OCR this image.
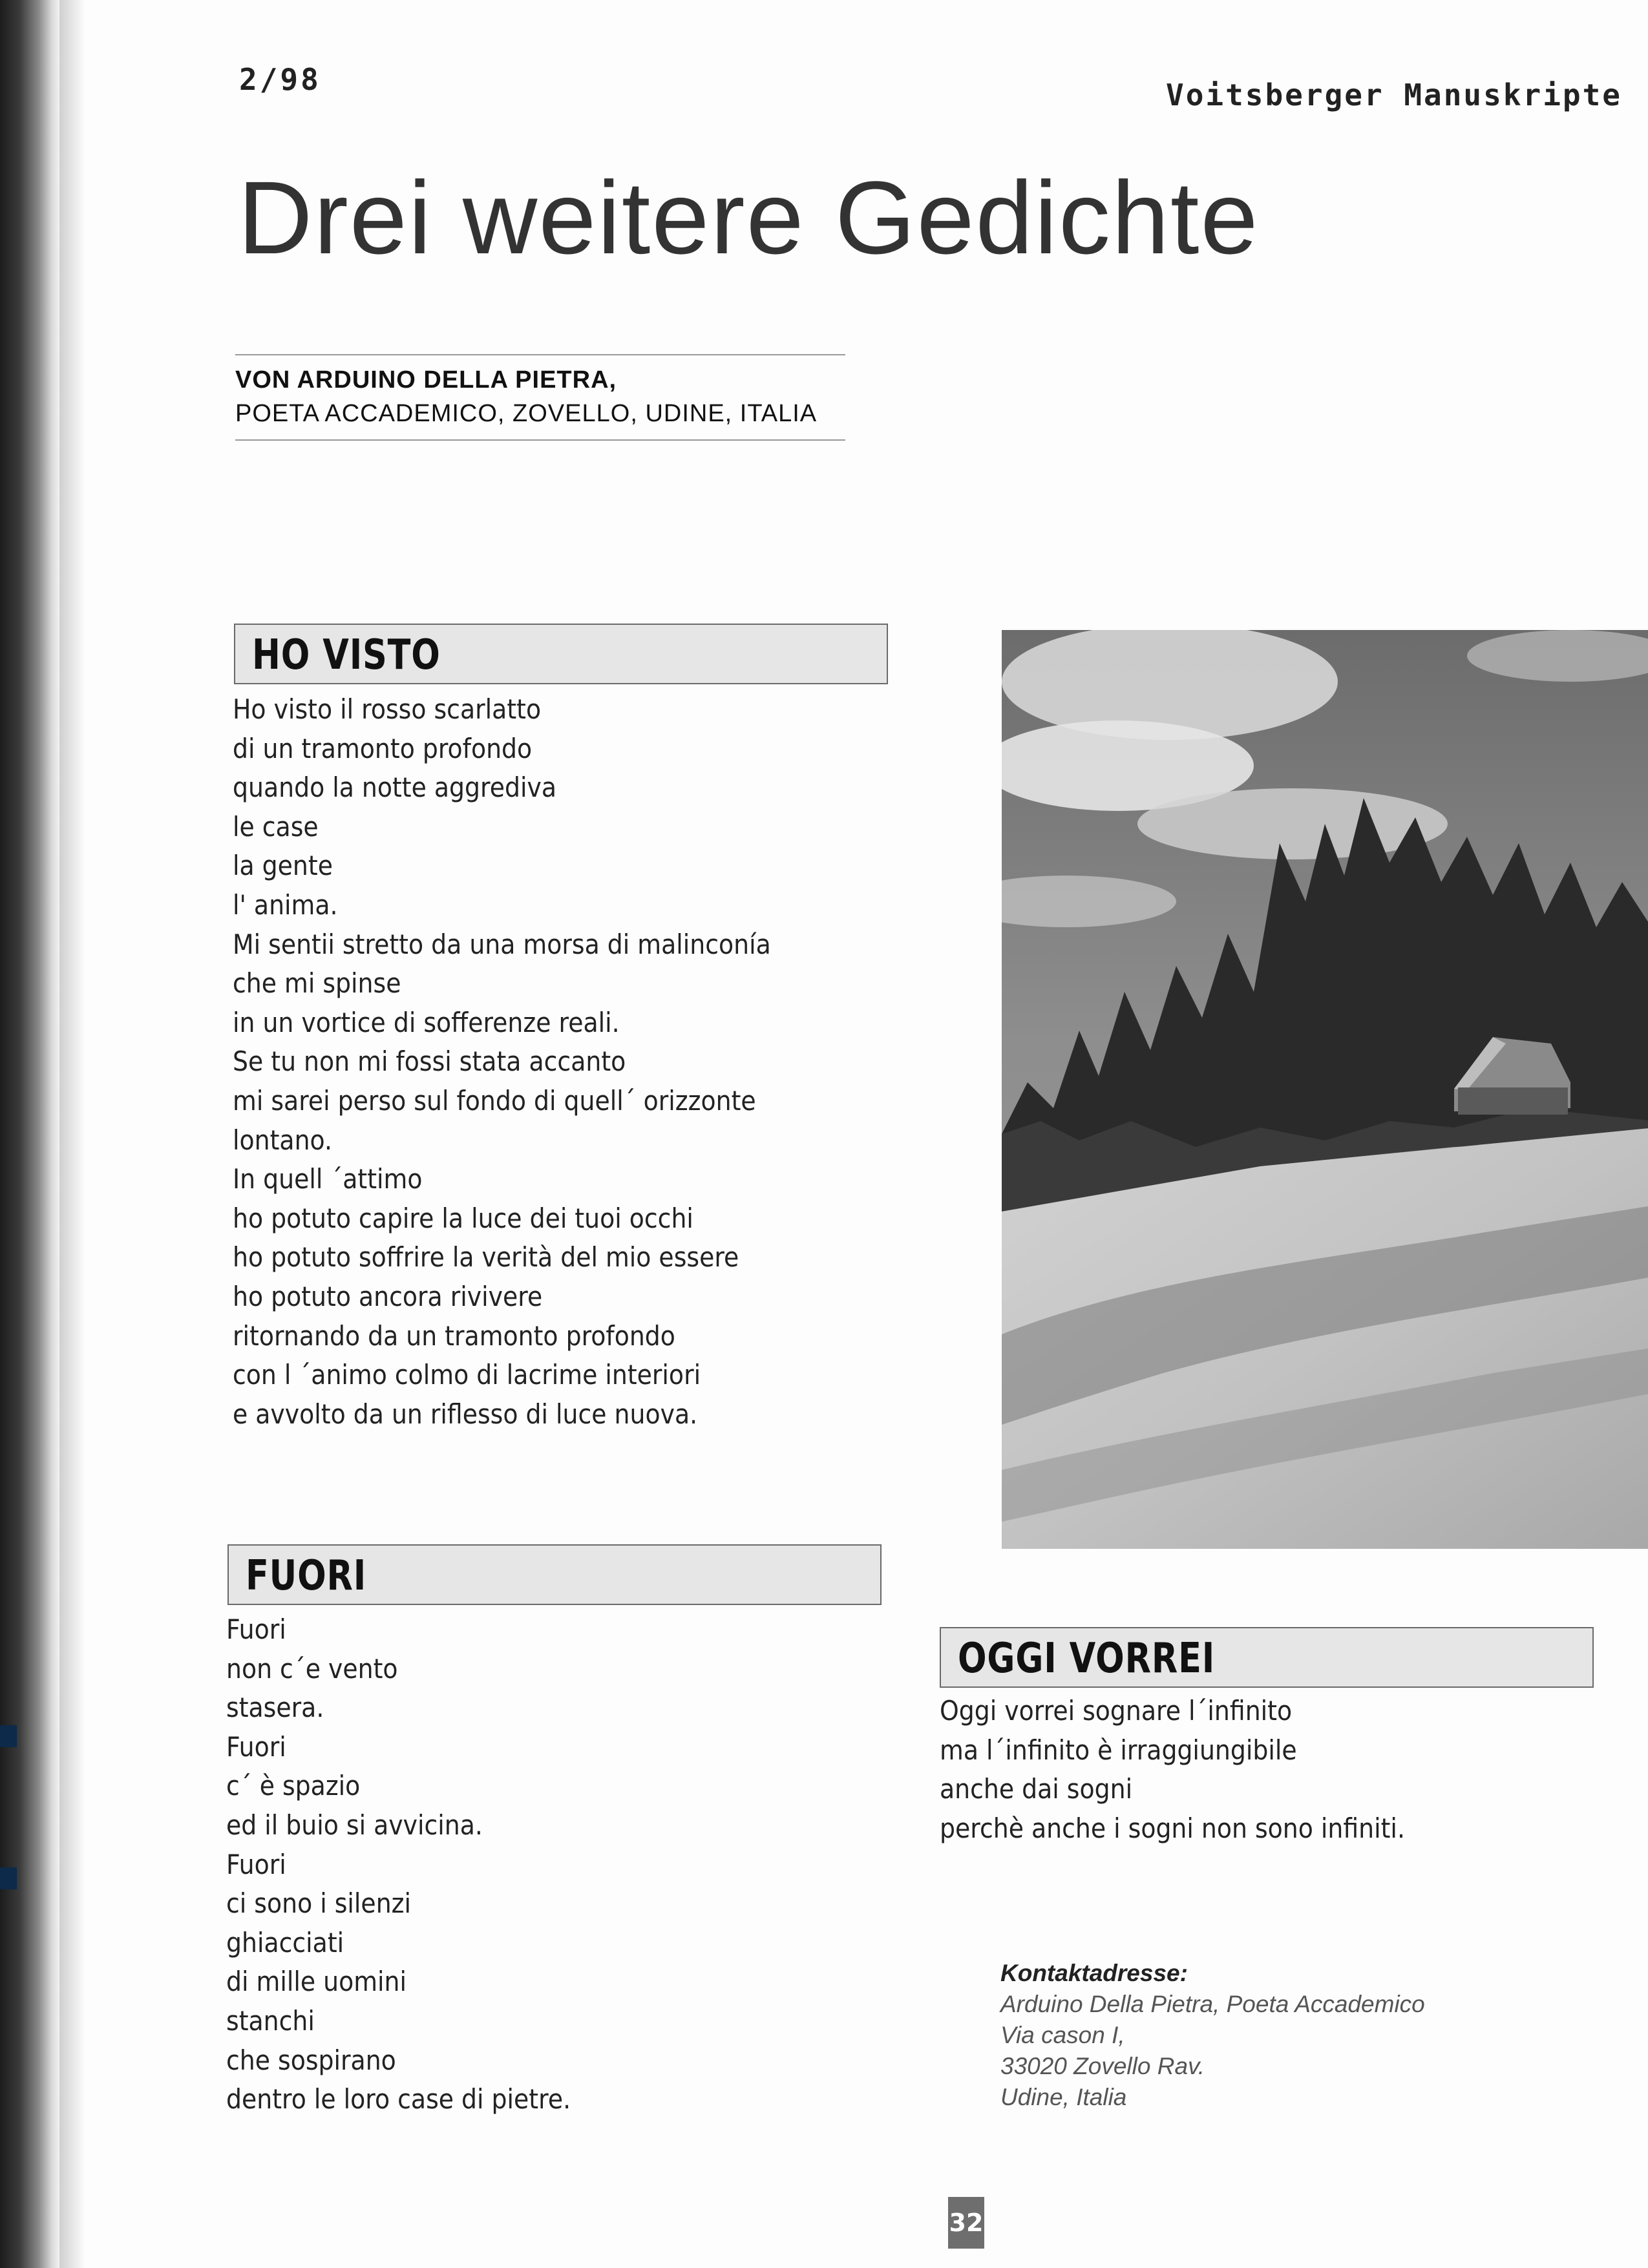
2/98	Voitsberger Manuskripte
Drei weitere Gedichte
VON ARDUINO DELLA PIETRA,
POETA ACCADEMICO, ZOVELLO, UDINE, ITALIA
HO VISTO
Ho visto il rosso scarlatto
di un tramonto profondo
quando la notte aggrediva
le case
la gente
l' anima.
Mi sentii stretto da una morsa di malinconía
che mi spinse
in un vortice di sofferenze reali.
Se tu non mi fossi stata accanto
mi sarei perso sul fondo di quell´ orizzonte
lontano.
In quell ´attimo
ho potuto capire la luce dei tuoi occhi
ho potuto soffrire la verità del mio essere
ho potuto ancora rivivere
ritornando da un tramonto profondo
con l ´animo colmo di lacrime interiori
e avvolto da un riflesso di luce nuova.
FUORI
Fuori
non c´e vento
stasera.
Fuori
c´ è spazio
ed il buio si avvicina.
Fuori
ci sono i silenzi
ghiacciati
di mille uomini
stanchi
che sospirano
dentro le loro case di pietre.
OGGI VORREI
Oggi vorrei sognare l´infinito
ma l´infinito è irraggiungibile
anche dai sogni
perchè anche i sogni non sono infiniti.
Kontaktadresse:
Arduino Della Pietra, Poeta Accademico
Via cason I,
33020 Zovello Rav.
Udine, Italia
32
